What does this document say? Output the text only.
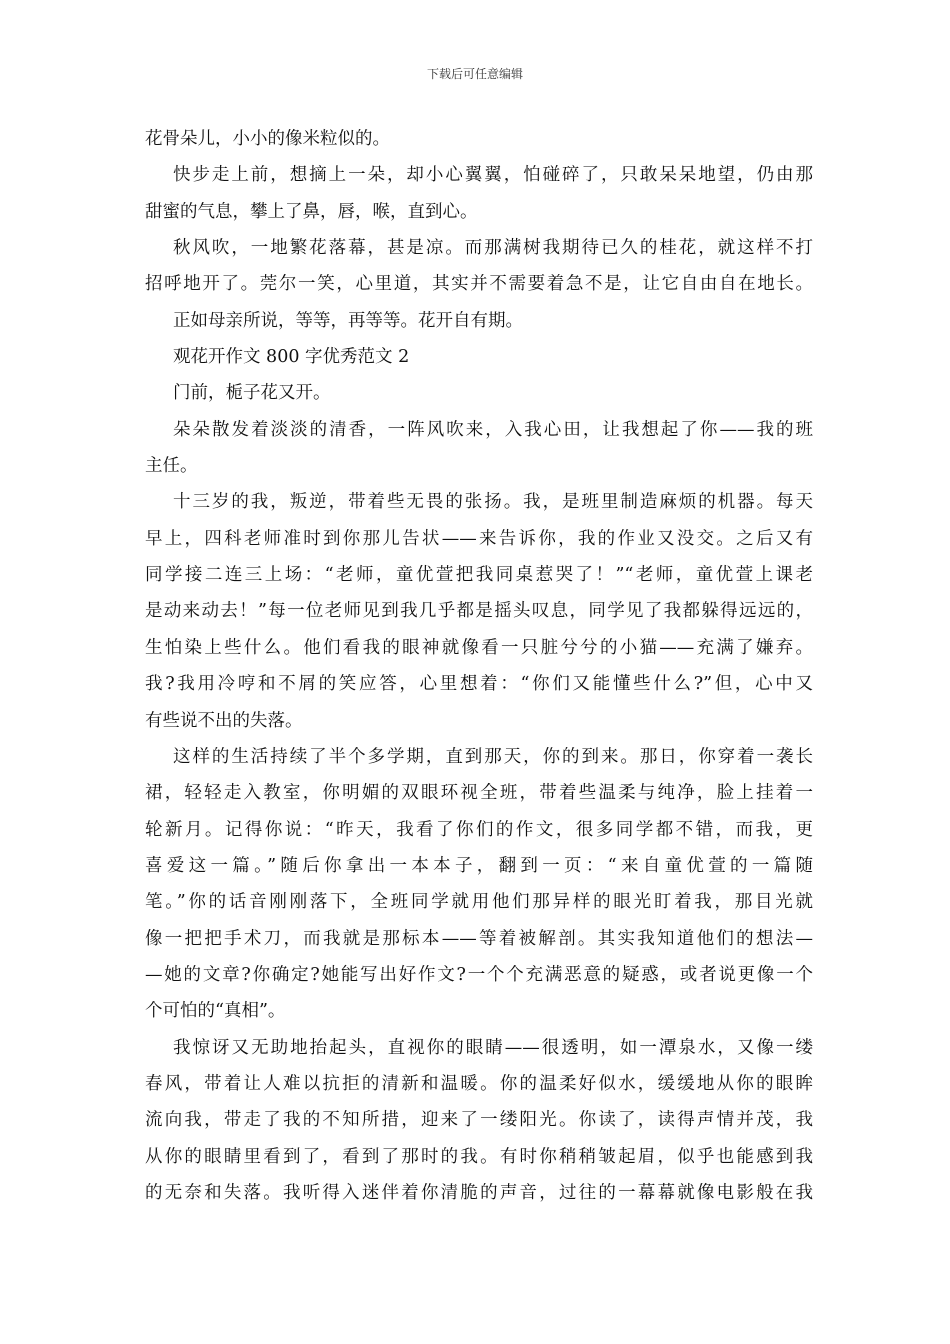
下载后可任意编辑
花骨朵儿，小小的像米粒似的。
快步走上前，想摘上一朵，却小心翼翼，怕碰碎了，只敢呆呆地望，仍由那
甜蜜的气息，攀上了鼻，唇，喉，直到心。
秋风吹，一地繁花落幕，甚是凉。而那满树我期待已久的桂花，就这样不打
招呼地开了。莞尔一笑，心里道，其实并不需要着急不是，让它自由自在地长。
正如母亲所说，等等，再等等。花开自有期。
观花开作文 800 字优秀范文 2
门前，栀子花又开。
朵朵散发着淡淡的清香，一阵风吹来，入我心田，让我想起了你——我的班
主任。
十三岁的我，叛逆，带着些无畏的张扬。我，是班里制造麻烦的机器。每天
早上，四科老师准时到你那儿告状——来告诉你，我的作业又没交。之后又有
同学接二连三上场：“老师，童优萱把我同桌惹哭了！”“老师，童优萱上课老
是动来动去！”每一位老师见到我几乎都是摇头叹息，同学见了我都躲得远远的，
生怕染上些什么。他们看我的眼神就像看一只脏兮兮的小猫——充满了嫌弃。
我?我用冷哼和不屑的笑应答，心里想着：“你们又能懂些什么?”但，心中又
有些说不出的失落。
这样的生活持续了半个多学期，直到那天，你的到来。那日，你穿着一袭长
裙，轻轻走入教室，你明媚的双眼环视全班，带着些温柔与纯净，脸上挂着一
轮新月。记得你说：“昨天，我看了你们的作文，很多同学都不错，而我，更
喜爱这一篇。”随后你拿出一本本子，翻到一页：“来自童优萱的一篇随
笔。”你的话音刚刚落下，全班同学就用他们那异样的眼光盯着我，那目光就
像一把把手术刀，而我就是那标本——等着被解剖。其实我知道他们的想法—
—她的文章?你确定?她能写出好作文?一个个充满恶意的疑惑，或者说更像一个
个可怕的“真相”。
我惊讶又无助地抬起头，直视你的眼睛——很透明，如一潭泉水，又像一缕
春风，带着让人难以抗拒的清新和温暖。你的温柔好似水，缓缓地从你的眼眸
流向我，带走了我的不知所措，迎来了一缕阳光。你读了，读得声情并茂，我
从你的眼睛里看到了，看到了那时的我。有时你稍稍皱起眉，似乎也能感到我
的无奈和失落。我听得入迷伴着你清脆的声音，过往的一幕幕就像电影般在我
